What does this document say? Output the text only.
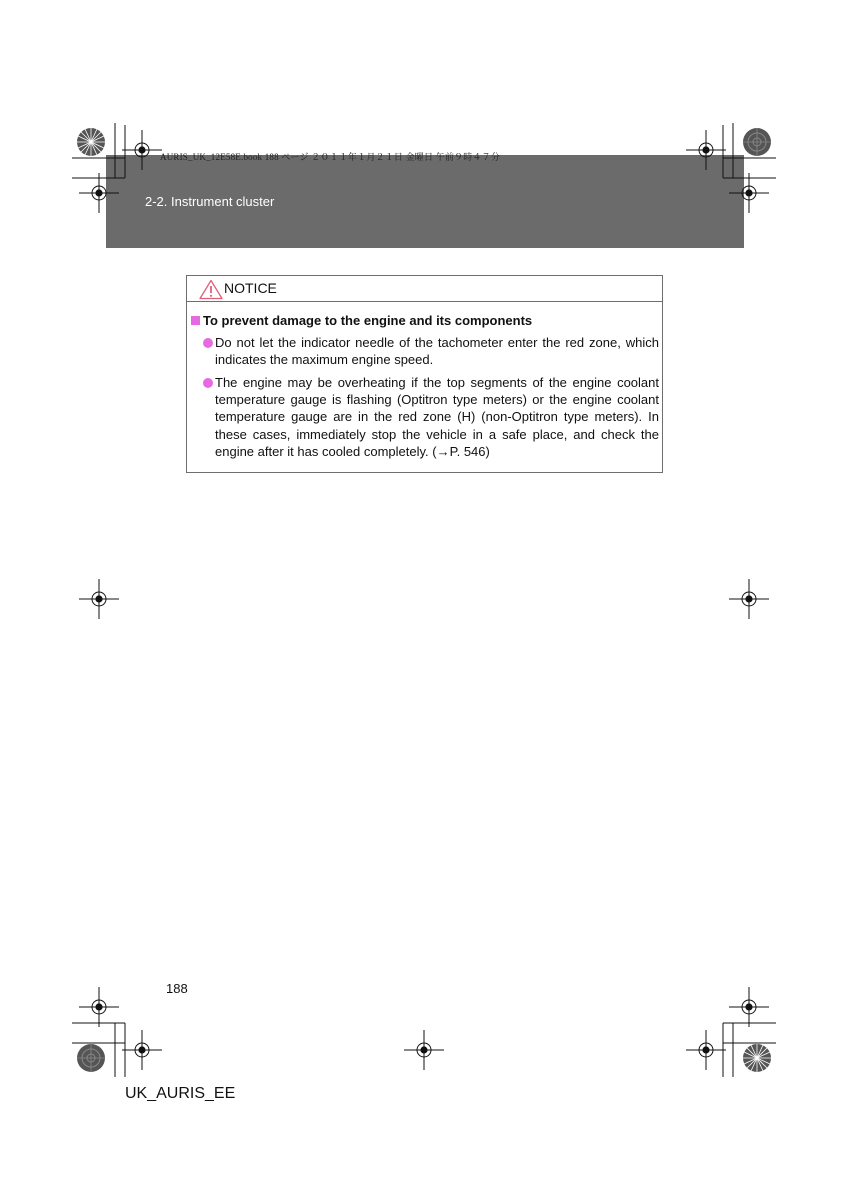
AURIS_UK_12E58E.book 188 ページ ２０１１年１月２１日 金曜日 午前９時４７分
2-2. Instrument cluster
NOTICE
To prevent damage to the engine and its components
Do not let the indicator needle of the tachometer enter the red zone, which indicates the maximum engine speed.
The engine may be overheating if the top segments of the engine coolant temperature gauge is flashing (Optitron type meters) or the engine coolant temperature gauge are in the red zone (H) (non-Optitron type meters). In these cases, immediately stop the vehicle in a safe place, and check the engine after it has cooled completely. (→P. 546)
188
UK_AURIS_EE
